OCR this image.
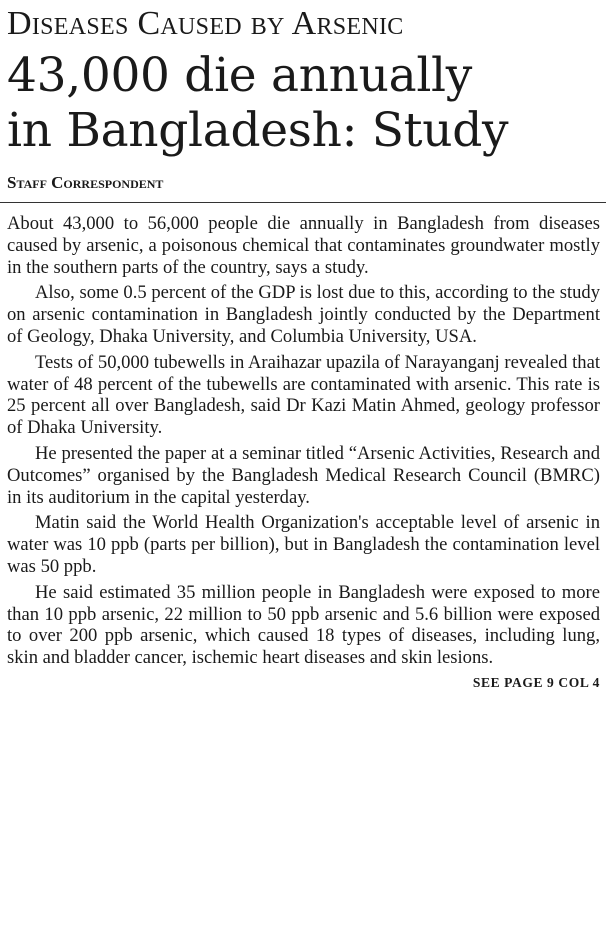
Diseases Caused by Arsenic
43,000 die annually
in Bangladesh: Study
Staff Correspondent

About 43,000 to 56,000 people die annually in Bangladesh from diseases caused by arsenic, a poisonous chemical that contaminates groundwater mostly in the southern parts of the country, says a study.

Also, some 0.5 percent of the GDP is lost due to this, according to the study on arsenic contamination in Bangladesh jointly conducted by the Department of Geology, Dhaka University, and Columbia University, USA.

Tests of 50,000 tubewells in Araihazar upazila of Narayanganj revealed that water of 48 percent of the tubewells are contaminated with arsenic. This rate is 25 percent all over Bangladesh, said Dr Kazi Matin Ahmed, geology professor of Dhaka University.

He presented the paper at a seminar titled “Arsenic Activities, Research and Outcomes” organised by the Bangladesh Medical Research Council (BMRC) in its auditorium in the capital yesterday.

Matin said the World Health Organization's acceptable level of arsenic in water was 10 ppb (parts per billion), but in Bangladesh the contamination level was 50 ppb.

He said estimated 35 million people in Bangladesh were exposed to more than 10 ppb arsenic, 22 million to 50 ppb arsenic and 5.6 billion were exposed to over 200 ppb arsenic, which caused 18 types of diseases, including lung, skin and bladder cancer, ischemic heart diseases and skin lesions.

SEE PAGE 9 COL 4
